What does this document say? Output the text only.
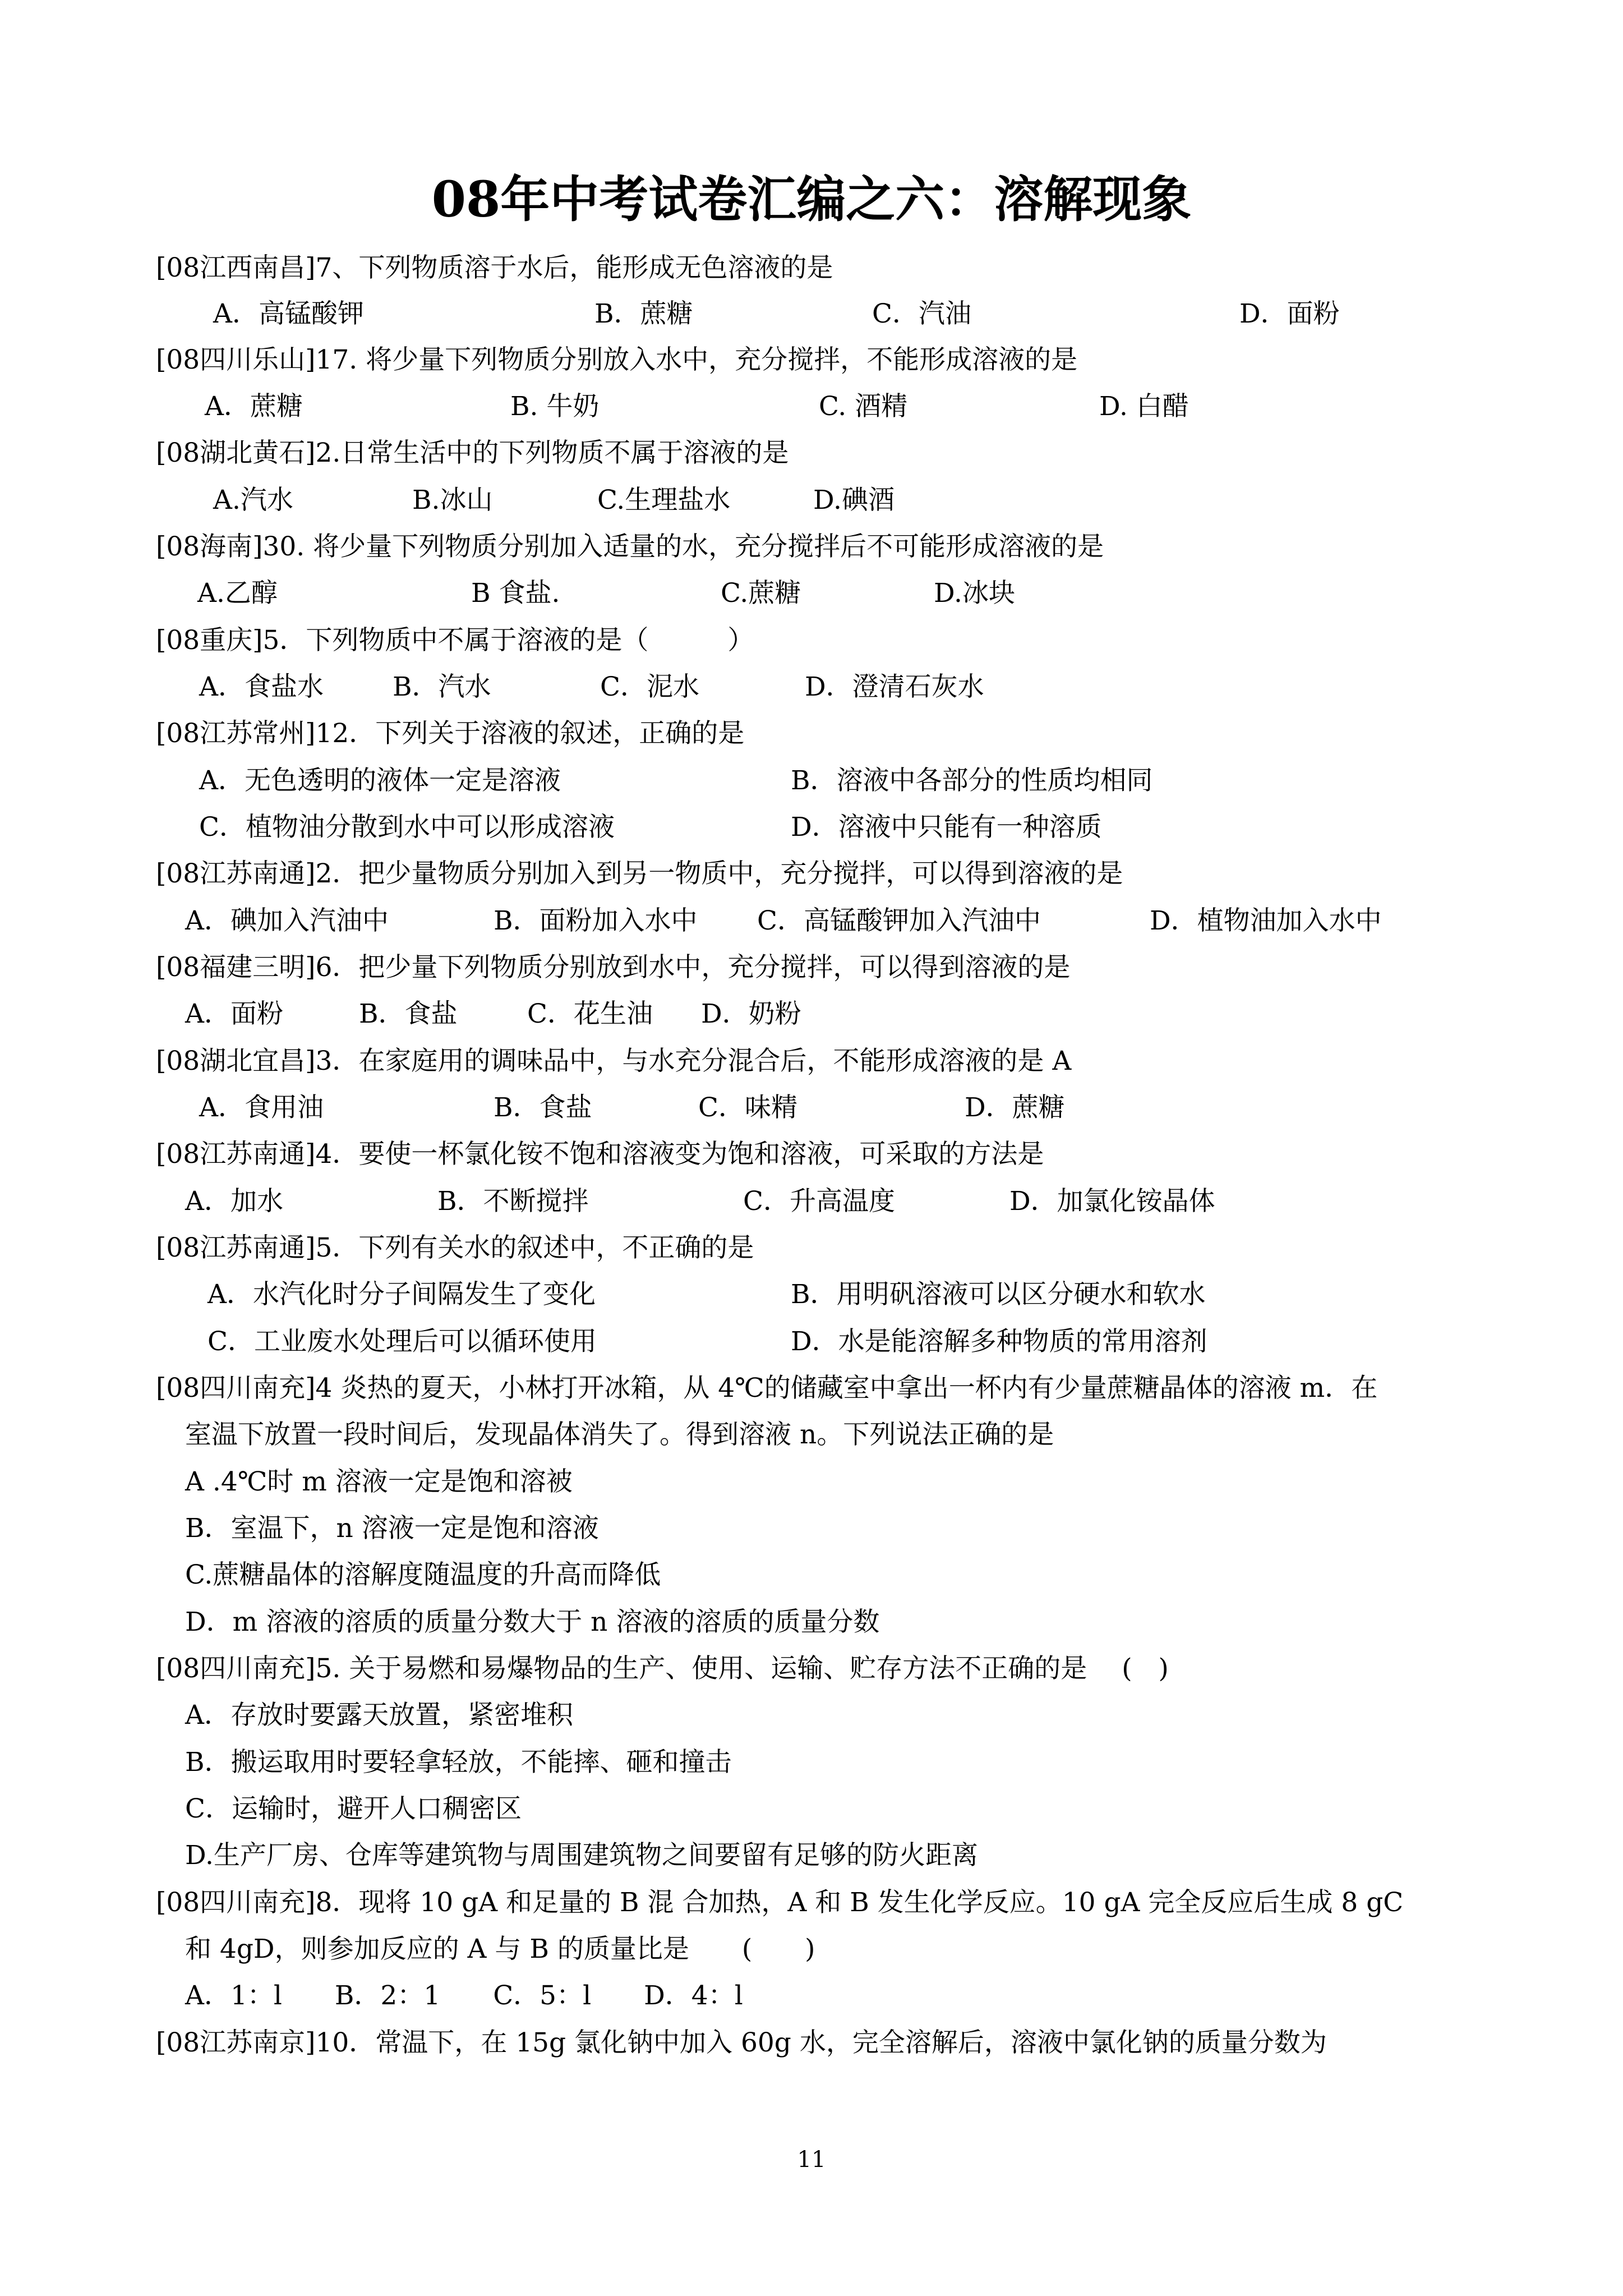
08年中考试卷汇编之六：溶解现象
[08江西南昌]7、下列物质溶于水后，能形成无色溶液的是
A．高锰酸钾	B．蔗糖	C．汽油	D．面粉
[08四川乐山]17. 将少量下列物质分别放入水中，充分搅拌，不能形成溶液的是
A．蔗糖	B. 牛奶	C. 酒精	D. 白醋
[08湖北黄石]2.日常生活中的下列物质不属于溶液的是
A.汽水	B.冰山	C.生理盐水	D.碘酒
[08海南]30. 将少量下列物质分别加入适量的水，充分搅拌后不可能形成溶液的是
A.乙醇	B 食盐.	C.蔗糖	D.冰块
[08重庆]5．下列物质中不属于溶液的是（　　　）
A．食盐水	B．汽水	C．泥水	D．澄清石灰水
[08江苏常州]12．下列关于溶液的叙述，正确的是
A．无色透明的液体一定是溶液	B．溶液中各部分的性质均相同
C．植物油分散到水中可以形成溶液	D．溶液中只能有一种溶质
[08江苏南通]2．把少量物质分别加入到另一物质中，充分搅拌，可以得到溶液的是
A．碘加入汽油中	B．面粉加入水中 C．高锰酸钾加入汽油中	D．植物油加入水中
[08福建三明]6．把少量下列物质分别放到水中，充分搅拌，可以得到溶液的是
A．面粉	B．食盐	C．花生油 D．奶粉
[08湖北宜昌]3．在家庭用的调味品中，与水充分混合后，不能形成溶液的是 A
A．食用油	B．食盐	C．味精	D．蔗糖
[08江苏南通]4．要使一杯氯化铵不饱和溶液变为饱和溶液，可采取的方法是
A．加水	B．不断搅拌	C．升高温度	D．加氯化铵晶体
[08江苏南通]5．下列有关水的叙述中，不正确的是
A．水汽化时分子间隔发生了变化	B．用明矾溶液可以区分硬水和软水
C．工业废水处理后可以循环使用	D．水是能溶解多种物质的常用溶剂
[08四川南充]4 炎热的夏天，小林打开冰箱，从 4℃的储藏室中拿出一杯内有少量蔗糖晶体的溶液 m．在
室温下放置一段时间后，发现晶体消失了。得到溶液 n。下列说法正确的是
A .4℃时 m 溶液一定是饱和溶被
B．室温下，n 溶液一定是饱和溶液
C.蔗糖晶体的溶解度随温度的升高而降低
D．m 溶液的溶质的质量分数大于 n 溶液的溶质的质量分数
[08四川南充]5. 关于易燃和易爆物品的生产、使用、运输、贮存方法不正确的是　 (　)
A．存放时要露天放置，紧密堆积
B．搬运取用时要轻拿轻放，不能摔、砸和撞击
C．运输时，避开人口稠密区
D.生产厂房、仓库等建筑物与周围建筑物之间要留有足够的防火距离
[08四川南充]8．现将 10 gA 和足量的 B 混 合加热，A 和 B 发生化学反应。10 gA 完全反应后生成 8 gC
和 4gD，则参加反应的 A 与 B 的质量比是　　(　　)
A．1：l　　B．2：1　　C．5：l　　D．4：l
[08江苏南京]10．常温下，在 15g 氯化钠中加入 60g 水，完全溶解后，溶液中氯化钠的质量分数为
11
